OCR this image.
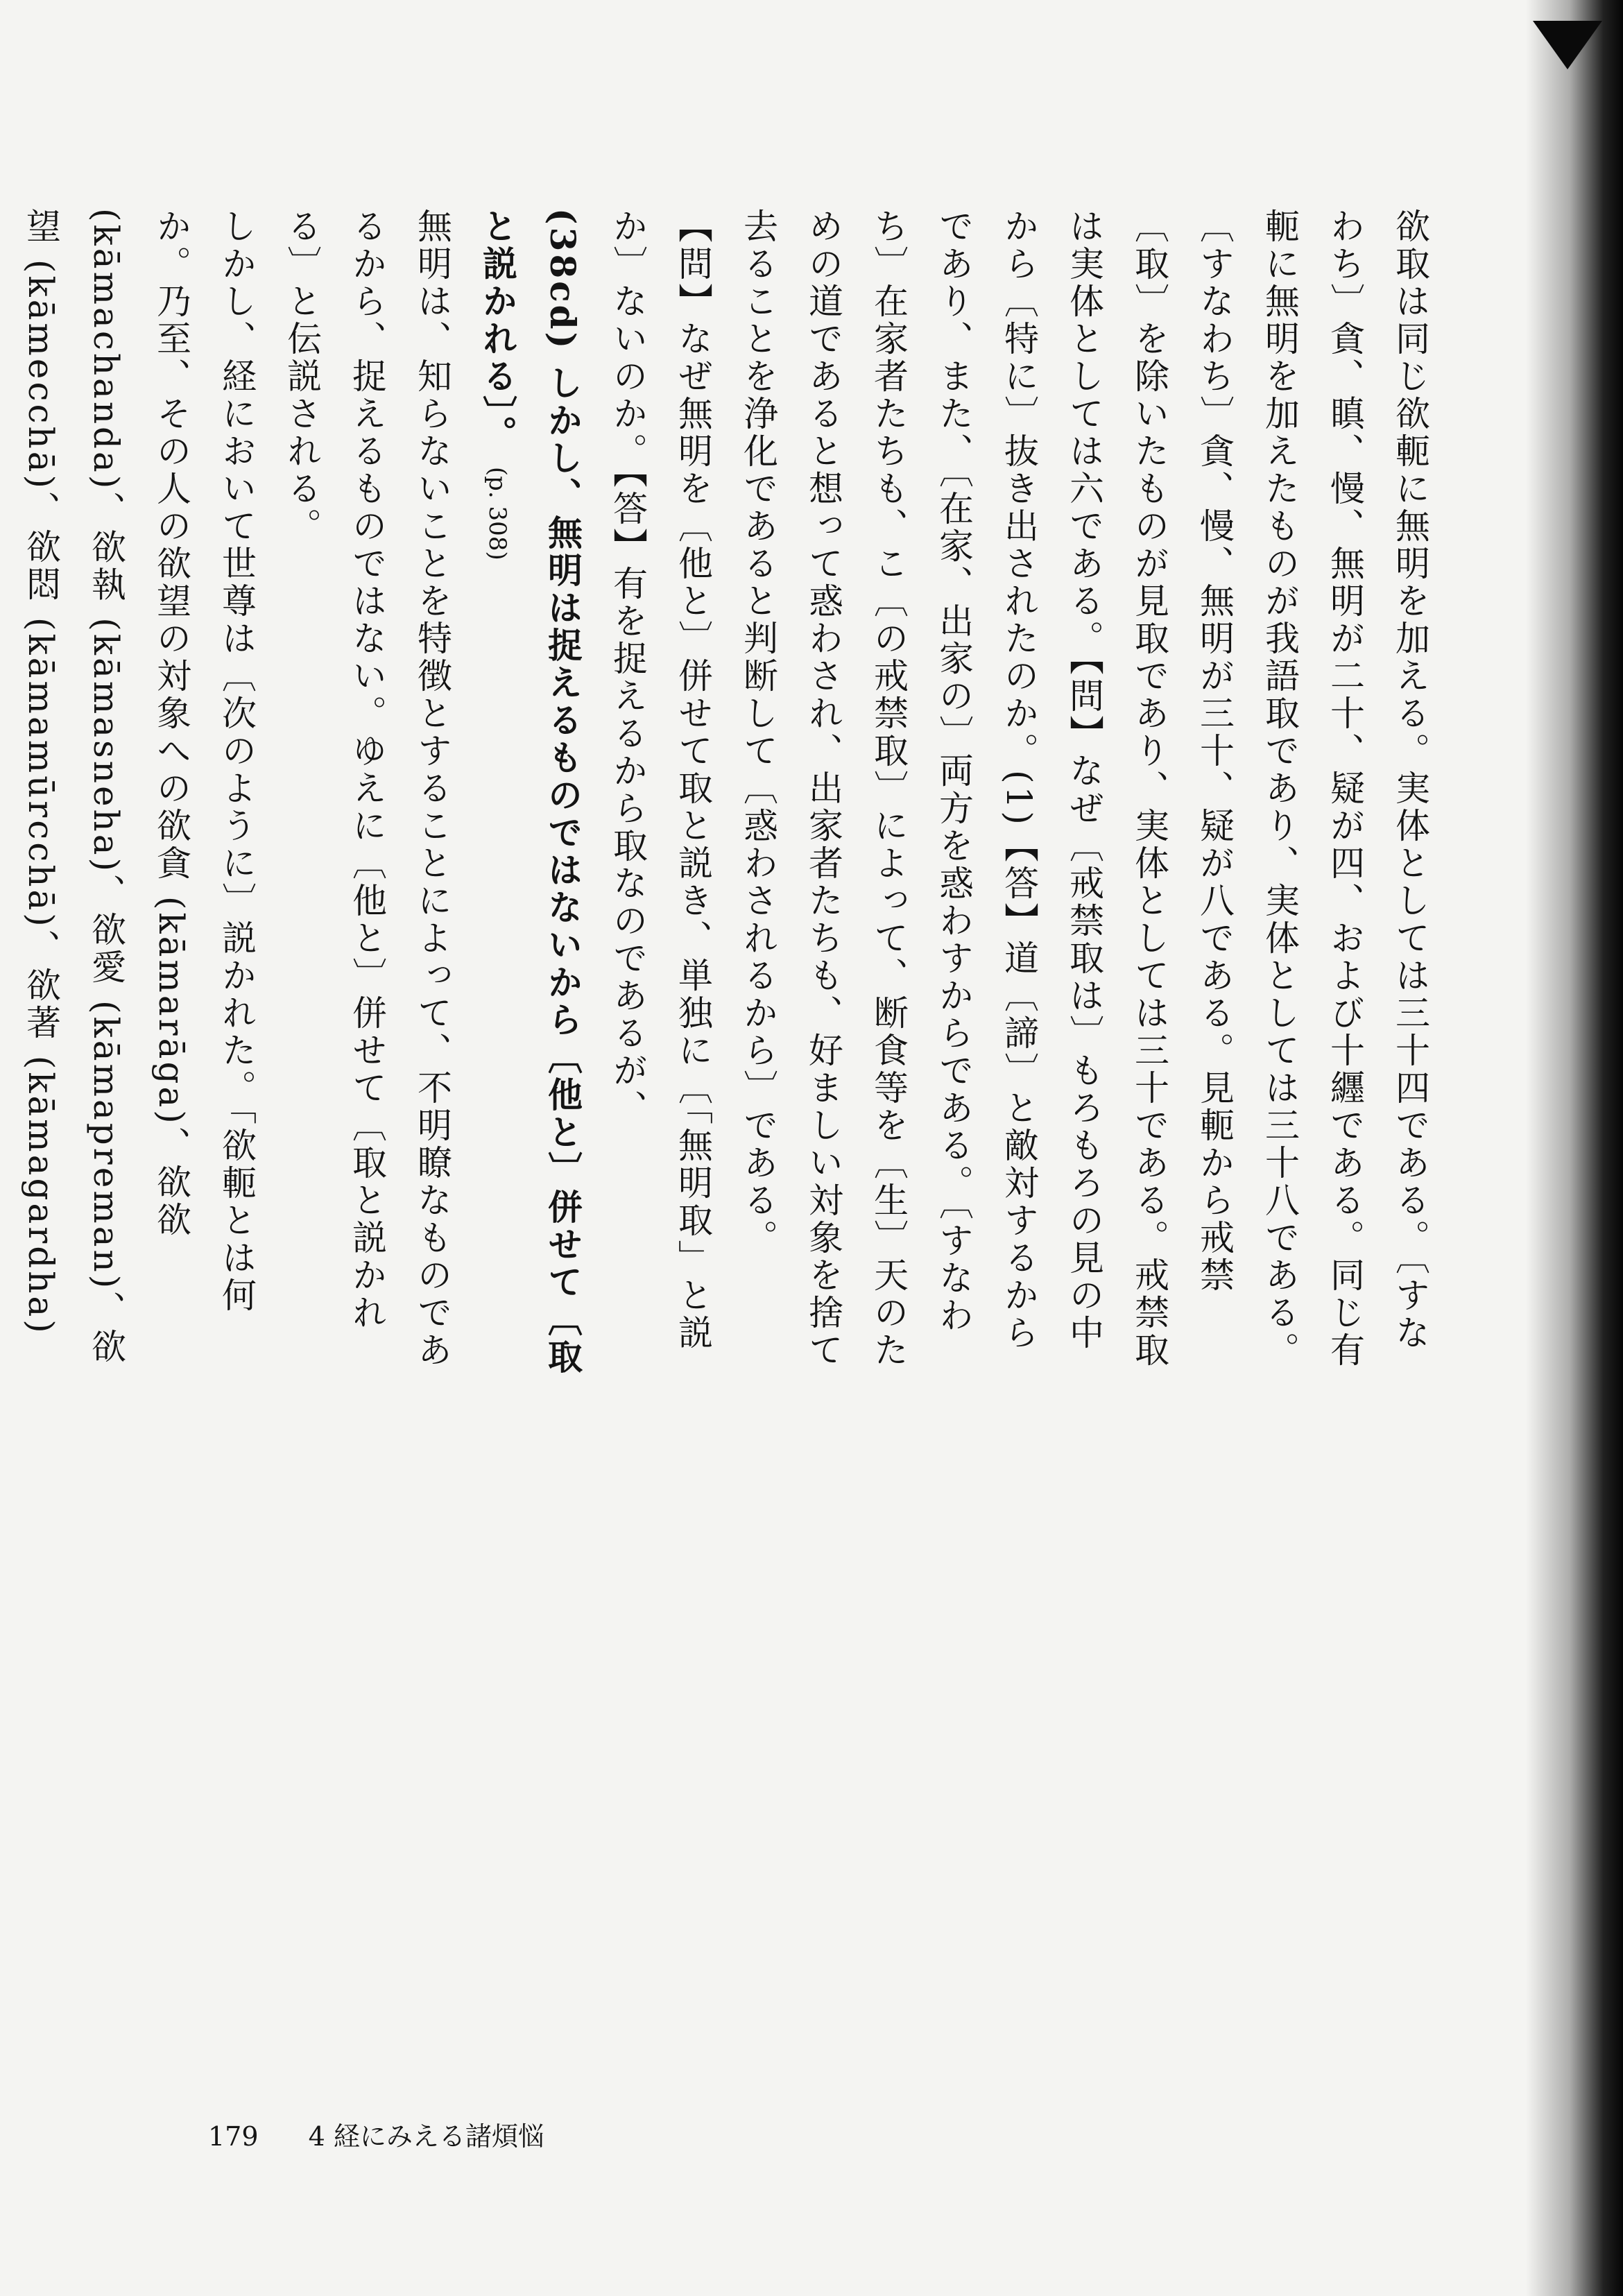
欲取は同じ欲軛に無明を加える。実体としては三十四である。〔すなわち〕貪、瞋、慢、無明が二十、疑が四、および十纒である。同じ有軛に無明を加えたものが我語取であり、実体としては三十八である。〔すなわち〕貪、慢、無明が三十、疑が八である。見軛から戒禁〔取〕を除いたものが見取であり、実体としては三十である。戒禁取は実体としては六である。【問】なぜ〔戒禁取は〕もろもろの見の中から〔特に〕抜き出されたのか。(1)【答】道〔諦〕と敵対するからであり、また、〔在家、出家の〕両方を惑わすからである。〔すなわち〕在家者たちも、こ〔の戒禁取〕によって、断食等を〔生〕天のための道であると想って惑わされ、出家者たちも、好ましい対象を捨て去ることを浄化であると判断して〔惑わされるから〕である。

【問】なぜ無明を〔他と〕併せて取と説き、単独に〔「無明取」と説か〕ないのか。【答】有を捉えるから取なのであるが、

(38cd) しかし、無明は捉えるものではないから〔他と〕併せて〔取と説かれる〕。 (p. 308)

無明は、知らないことを特徴とすることによって、不明瞭なものであるから、捉えるものではない。ゆえに〔他と〕併せて〔取と説かれる〕と伝説される。

しかし、経において世尊は〔次のように〕説かれた。「欲軛とは何か。乃至、その人の欲望の対象への欲貪 (kāmarāga)、欲欲 (kāmachanda)、欲執 (kāmasneha)、欲愛 (kāmapreman)、欲望 (kāmecchā)、欲悶 (kāmamūrcchā)、欲著 (kāmagardha)

179 4 経にみえる諸煩悩
